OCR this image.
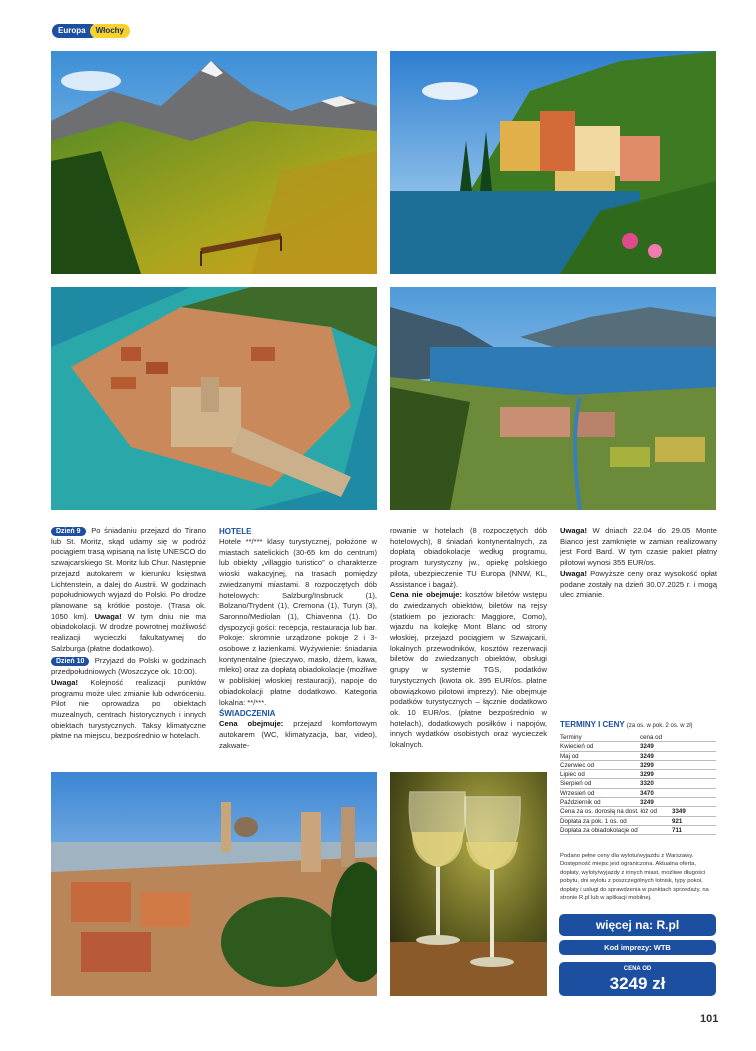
Europa	Włochy

Dzień 9 Po śniadaniu przejazd do Tirano lub St. Moritz, skąd udamy się w podróż pociągiem trasą wpisaną na listę UNESCO do szwajcarskiego St. Moritz lub Chur. Następnie przejazd autokarem w kierunku księstwa Lichtenstein, a dalej do Austrii. W godzinach popołudniowych wyjazd do Polski. Po drodze planowane są krótkie postoje. (Trasa ok. 1050 km). Uwaga! W tym dniu nie ma obiadokolacji. W drodze powrotnej możliwość realizacji wycieczki fakultatywnej do Salzburga (płatne dodatkowo).

Dzień 10 Przyjazd do Polski w godzinach przedpołudniowych (Woszczyce ok. 10:00).

Uwaga! Kolejność realizacji punktów programu może ulec zmianie lub odwróceniu. Pilot nie oprowadza po obiektach muzealnych, centrach historycznych i innych obiektach turystycznych. Taksy klimatyczne płatne na miejscu, bezpośrednio w hotelach.

HOTELE

Hotele **/*** klasy turystycznej, położone w miastach satelickich (30-65 km do centrum) lub obiekty „villaggio turistico” o charakterze wioski wakacyjnej, na trasach pomiędzy zwiedzanymi miastami. 8 rozpoczętych dób hotelowych: Salzburg/Insbruck (1), Bolzano/Trydent (1), Cremona (1), Turyn (3), Saronno/Mediolan (1), Chiavenna (1). Do dyspozycji gości: recepcja, restauracja lub bar. Pokoje: skromnie urządzone pokoje 2 i 3-osobowe z łazienkami. Wyżywienie: śniadania kontynentalne (pieczywo, masło, dżem, kawa, mleko) oraz za dopłatą obiadokolacje (możliwe w pobliskiej włoskiej restauracji), napoje do obiadokolacji płatne dodatkowo. Kategoria lokalna: **/***.

ŚWIADCZENIA

Cena obejmuje: przejazd komfortowym autokarem (WC, klimatyzacja, bar, video), zakwate-

rowanie w hotelach (8 rozpoczętych dób hotelowych), 8 śniadań kontynentalnych, za dopłatą obiadokolacje według programu, program turystyczny jw., opiekę polskiego pilota, ubezpieczenie TU Europa (NNW, KL, Assistance i bagaż).

Cena nie obejmuje: kosztów biletów wstępu do zwiedzanych obiektów, biletów na rejsy (statkiem po jeziorach: Maggiore, Como), wjazdu na kolejkę Mont Blanc od strony włoskiej, przejazd pociągiem w Szwajcarii, lokalnych przewodników, kosztów rezerwacji biletów do zwiedzanych obiektów, obsługi grupy w systemie TGS, podatków turystycznych (kwota ok. 395 EUR/os. płatne obowiązkowo pilotowi imprezy). Nie obejmuje podatków turystycznych – łącznie dodatkowo ok. 10 EUR/os. (płatne bezpośrednio w hotelach), dodatkowych posiłków i napojów, innych wydatków osobistych oraz wycieczek lokalnych.

Uwaga! W dniach 22.04 do 29.05 Monte Bianco jest zamknięte w zamian realizowany jest Ford Bard. W tym czasie pakiet płatny pilotowi wynosi 355 EUR/os.

Uwaga! Powyższe ceny oraz wysokość opłat podane zostały na dzień 30.07.2025 r. i mogą ulec zmianie.

TERMINY I CENY (za os. w pok. 2 os. w zł)
Terminy	cena od
Kwiecień od	3249
Maj od	3249
Czerwiec od	3299
Lipiec od	3299
Sierpień od	3320
Wrzesień od	3470
Październik od	3249
Cena za os. dorosłą na dost. łóż od	3349
Dopłata za pok. 1 os. od	921
Dopłata za obiadokolacje od	711
Podano pełne ceny dla wylotu/wyjazdu z Warszawy. Dostępność miejsc jest ograniczona. Aktualna oferta, dopłaty, wyloty/wyjazdy z innych miast, możliwe długości pobytu, dni wylotu z poszczególnych lotnisk, typy pokoi, dopłaty i usługi do sprawdzenia w punktach sprzedaży, na stronie R.pl lub w aplikacji mobilnej.
więcej na: R.pl
Kod imprezy: WTB
CENA OD
3249 zł
101
